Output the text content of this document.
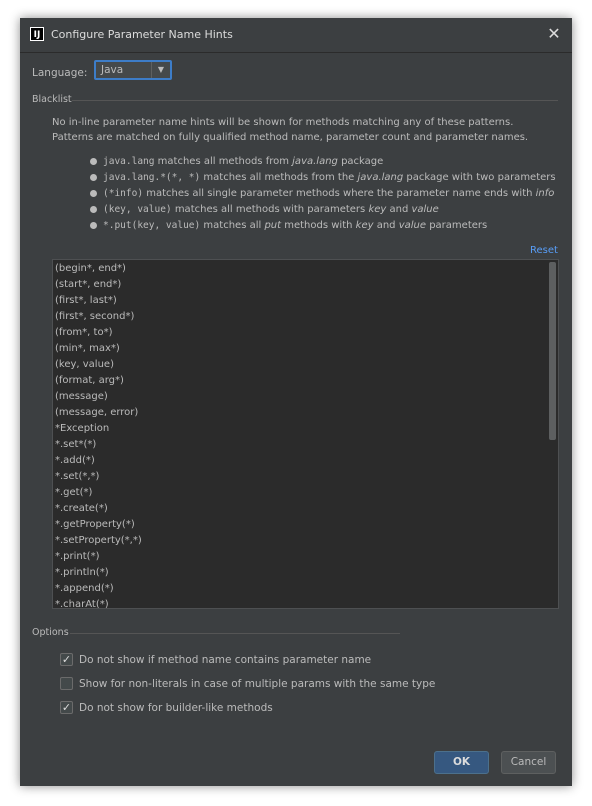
IJ Configure Parameter Name Hints	✕
Language: Java	▼
Blacklist
No in-line parameter name hints will be shown for methods matching any of these patterns.
Patterns are matched on fully qualified method name, parameter count and parameter names.
java.lang matches all methods from java.lang package
java.lang.*(*, *) matches all methods from the java.lang package with two parameters
(*info) matches all single parameter methods where the parameter name ends with info
(key, value) matches all methods with parameters key and value
*.put(key, value) matches all put methods with key and value parameters
Reset
(begin*, end*)
(start*, end*)
(first*, last*)
(first*, second*)
(from*, to*)
(min*, max*)
(key, value)
(format, arg*)
(message)
(message, error)
*Exception
*.set*(*)
*.add(*)
*.set(*,*)
*.get(*)
*.create(*)
*.getProperty(*)
*.setProperty(*,*)
*.print(*)
*.println(*)
*.append(*)
*.charAt(*)
Options
✓ Do not show if method name contains parameter name
Show for non-literals in case of multiple params with the same type
✓ Do not show for builder-like methods
OK	Cancel
